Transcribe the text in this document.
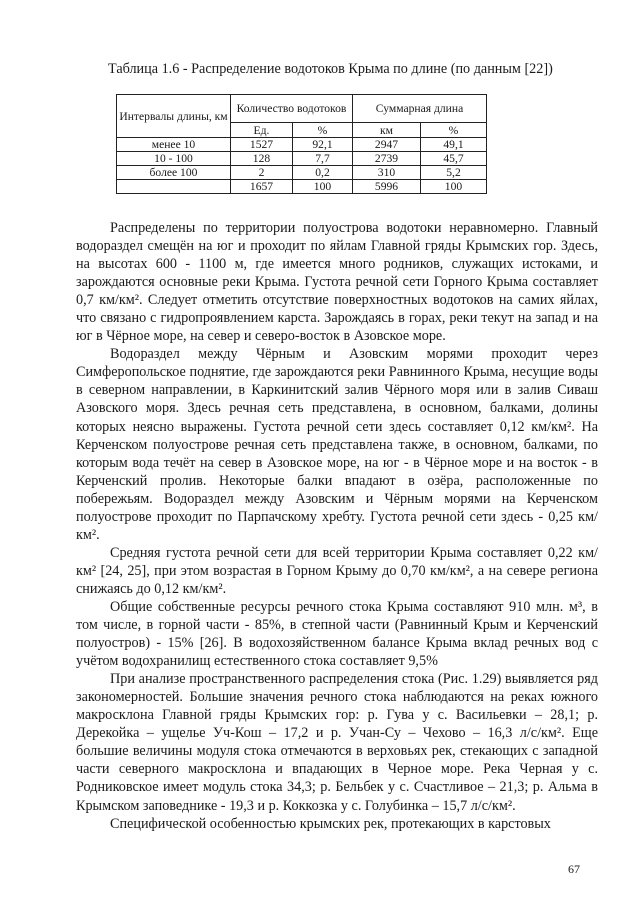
Таблица 1.6 - Распределение водотоков Крыма по длине (по данным [22])
Интервалы длины, км	Количество водотоков		Суммарная длина	
	Ед.	%	км	%
менее 10	1527	92,1	2947	49,1
10 - 100	128	7,7	2739	45,7
более 100	2	0,2	310	5,2
	1657	100	5996	100

Распределены по территории полуострова водотоки неравномерно. Главный водораздел смещён на юг и проходит по яйлам Главной гряды Крымских гор. Здесь, на высотах 600 - 1100 м, где имеется много родников, служащих истоками, и зарождаются основные реки Крыма. Густота речной сети Горного Крыма составляет 0,7 км/км². Следует отметить отсутствие поверхностных водотоков на самих яйлах, что связано с гидропроявлением карста. Зарождаясь в горах, реки текут на запад и на юг в Чёрное море, на север и северо-восток в Азовское море.

Водораздел между Чёрным и Азовским морями проходит через Симферопольское поднятие, где зарождаются реки Равнинного Крыма, несущие воды в северном направлении, в Каркинитский залив Чёрного моря или в залив Сиваш Азовского моря. Здесь речная сеть представлена, в основном, балками, долины которых неясно выражены. Густота речной сети здесь составляет 0,12 км/км². На Керченском полуострове речная сеть представлена также, в основном, балками, по которым вода течёт на север в Азовское море, на юг - в Чёрное море и на восток - в Керченский пролив. Некоторые балки впадают в озёра, расположенные по побережьям. Водораздел между Азовским и Чёрным морями на Керченском полуострове проходит по Парпачскому хребту. Густота речной сети здесь - 0,25 км/км².

Средняя густота речной сети для всей территории Крыма составляет 0,22 км/км² [24, 25], при этом возрастая в Горном Крыму до 0,70 км/км², а на севере региона снижаясь до 0,12 км/км².

Общие собственные ресурсы речного стока Крыма составляют 910 млн. м³, в том числе, в горной части - 85%, в степной части (Равнинный Крым и Керченский полуостров) - 15% [26]. В водохозяйственном балансе Крыма вклад речных вод с учётом водохранилищ естественного стока составляет 9,5%

При анализе пространственного распределения стока (Рис. 1.29) выявляется ряд закономерностей. Большие значения речного стока наблюдаются на реках южного макросклона Главной гряды Крымских гор: р. Гува у с. Васильевки – 28,1; р. Дерекойка – ущелье Уч-Кош – 17,2 и р. Учан-Су – Чехово – 16,3 л/с/км². Еще большие величины модуля стока отмечаются в верховьях рек, стекающих с западной части северного макросклона и впадающих в Черное море. Река Черная у с. Родниковское имеет модуль стока 34,3; р. Бельбек у с. Счастливое – 21,3; р. Альма в Крымском заповеднике - 19,3 и р. Коккозка у с. Голубинка – 15,7 л/с/км².

Специфической особенностью крымских рек, протекающих в карстовых

67
